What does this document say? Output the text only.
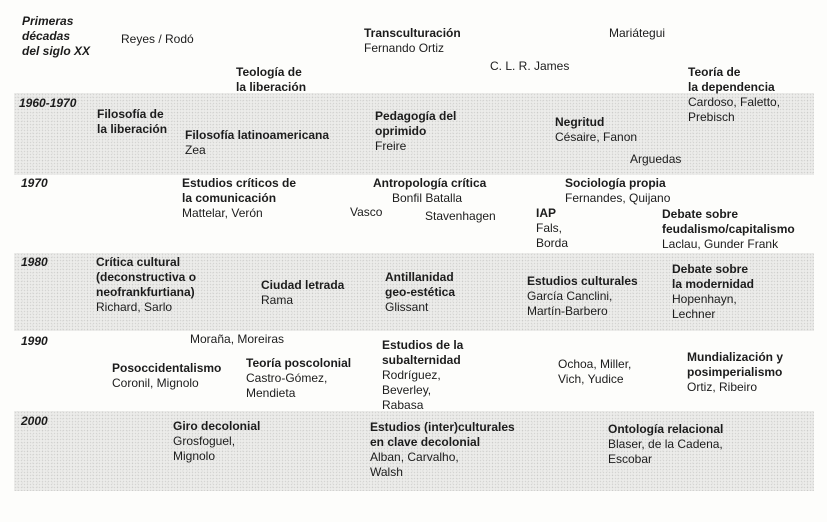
Primeras
décadas
del siglo XX
1960-1970
1970
1980
1990
2000
Reyes / Rodó	Transculturación
Fernando Ortiz
Mariátegui
C. L. R. James
Teología de
la liberación
Teoría de
la dependencia
Cardoso, Faletto,
Prebisch
Filosofía de
la liberación Filosofía latinoamericana
Zea
Pedagogía del
oprimido
Freire
Negritud
Césaire, Fanon
Arguedas
Estudios críticos de
la comunicación
Mattelar, Verón
Antropología crítica
Bonfil Batalla
Sociología propia
Fernandes, Quijano
Vasco	Stavenhagen	IAP
Fals,
Borda
Debate sobre
feudalismo/capitalismo
Laclau, Gunder Frank
Crítica cultural
(deconstructiva o
neofrankfurtiana)
Richard, Sarlo
Ciudad letrada
Rama
Antillanidad
geo-estética
Glissant
Estudios culturales
García Canclini,
Martín-Barbero
Debate sobre
la modernidad
Hopenhayn,
Lechner
Moraña, Moreiras	Estudios de la
subalternidad
Rodríguez,
Beverley,
Rabasa
Posoccidentalismo
Coronil, Mignolo
Teoría poscolonial
Castro-Gómez,
Mendieta
Ochoa, Miller,
Vich, Yudice
Mundialización y
posimperialismo
Ortiz, Ribeiro
Giro decolonial
Grosfoguel,
Mignolo
Estudios (inter)culturales
en clave decolonial
Alban, Carvalho,
Walsh
Ontología relacional
Blaser, de la Cadena,
Escobar
